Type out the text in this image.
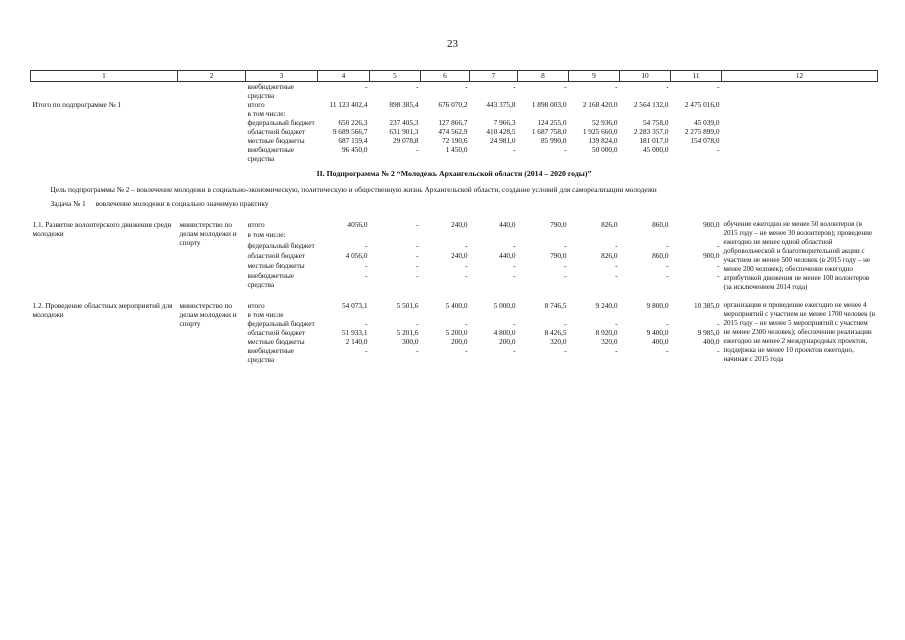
23
1	2	3	4	5	6	7	8	9	10	11	12
		внебюджетные средства	-	-	-	-	-	-	-	-	
Итого по подпрограмме № 1		итого	11 123 402,4	898 385,4	676 070,2	443 375,8	1 898 003,0	2 168 420,0	2 564 132,0	2 475 016,0	
		в том числе:									
		федеральный бюджет	650 226,3	237 405,3	127 866,7	7 966,3	124 255,0	52 936,0	54 758,0	45 039,0	
		областной бюджет	9 689 566,7	631 901,3	474 562,9	410 428,5	1 687 758,0	1 925 660,0	2 283 357,0	2 275 899,0	
		местные бюджеты	687 159,4	29 078,8	72 190,6	24 981,0	85 990,0	139 824,0	181 017,0	154 078,0	
		внебюджетные средства	96 450,0	-	1 450,0	-	-	50 000,0	45 000,0	-	
II. Подпрограмма № 2 “Молодежь Архангельской области (2014 – 2020 годы)”											
Цель подпрограммы № 2 – вовлечение молодежи в социально-экономическую, политическую и общественную жизнь Архангельской области, создание условий для самореализации молодежи											
Задача № 1 вовлечение молодежи в социально значимую практику											

1.1. Развитие волонтерского движения среди молодежи	министерство по делам молодежи и спорту	итого	4056,0	-	240,0	440,0	790,0	826,0	860,0	900,0	обучение ежегодно не менее 50 волонтеров (в 2015 году – не менее 30 волонтеров); проведение ежегодно не менее одной областной добровольческой и благотворительной акции с участием не менее 500 человек (в 2015 году – не менее 200 человек); обеспечение ежегодно атрибутикой движения не менее 100 волонтеров (за исключением 2014 года)
		в том числе:									
		федеральный бюджет	-	-	-	-	-	-	-	-	
		областной бюджет	4 056,0	-	240,0	440,0	790,0	826,0	860,0	900,0	
		местные бюджеты	-	-	-	-	-	-	-	-	
		внебюджетные средства	-	-	-	-	-	-	-	-	

1.2. Проведение областных мероприятий для молодежи	министерство по делам молодежи и спорту	итого	54 073,1	5 501,6	5 400,0	5 000,0	8 746,5	9 240,0	9 800,0	10 385,0	организация и проведение ежегодно не менее 4 мероприятий с участием не менее 1700 человек (в 2015 году – не менее 5 мероприятий с участием не менее 2300 человек); обеспечение реализации ежегодно не менее 2 международных проектов, поддержка не менее 10 проектов ежегодно, начиная с 2015 года
		в том числе									
		федеральный бюджет	-	-	-	-	-	-	-	-	
		областной бюджет	51 933,1	5 201,6	5 200,0	4 800,0	8 426,5	8 920,0	9 400,0	9 985,0	
		местные бюджеты	2 140,0	300,0	200,0	200,0	320,0	320,0	400,0	400,0	
		внебюджетные средства	-	-	-	-	-	-	-	-	
